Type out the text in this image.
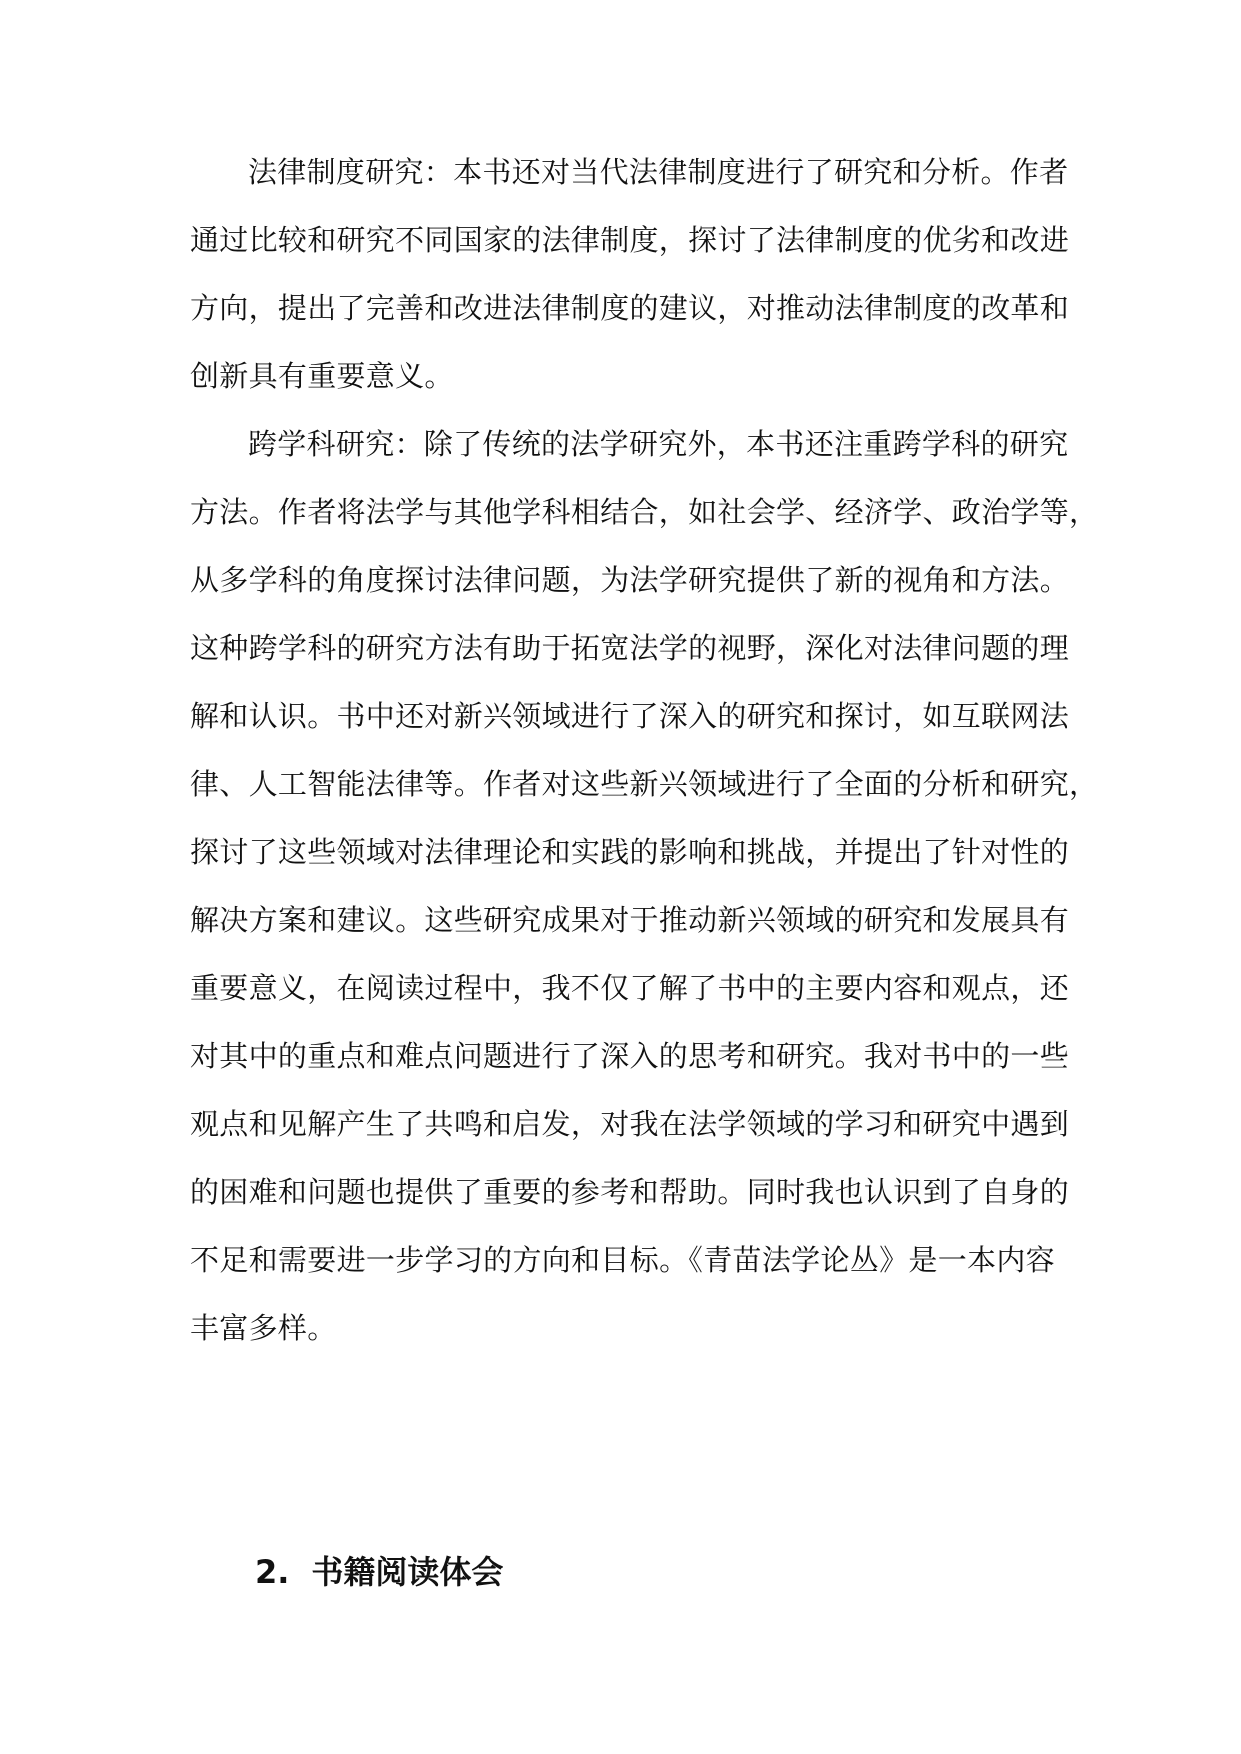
法律制度研究：本书还对当代法律制度进行了研究和分析。作者
通过比较和研究不同国家的法律制度，探讨了法律制度的优劣和改进
方向，提出了完善和改进法律制度的建议，对推动法律制度的改革和
创新具有重要意义。
跨学科研究：除了传统的法学研究外，本书还注重跨学科的研究
方法。作者将法学与其他学科相结合，如社会学、经济学、政治学等，
从多学科的角度探讨法律问题，为法学研究提供了新的视角和方法。
这种跨学科的研究方法有助于拓宽法学的视野，深化对法律问题的理
解和认识。书中还对新兴领域进行了深入的研究和探讨，如互联网法
律、人工智能法律等。作者对这些新兴领域进行了全面的分析和研究，
探讨了这些领域对法律理论和实践的影响和挑战，并提出了针对性的
解决方案和建议。这些研究成果对于推动新兴领域的研究和发展具有
重要意义，在阅读过程中，我不仅了解了书中的主要内容和观点，还
对其中的重点和难点问题进行了深入的思考和研究。我对书中的一些
观点和见解产生了共鸣和启发，对我在法学领域的学习和研究中遇到
的困难和问题也提供了重要的参考和帮助。同时我也认识到了自身的
不足和需要进一步学习的方向和目标。《青苗法学论丛》是一本内容
丰富多样。
2. 书籍阅读体会
